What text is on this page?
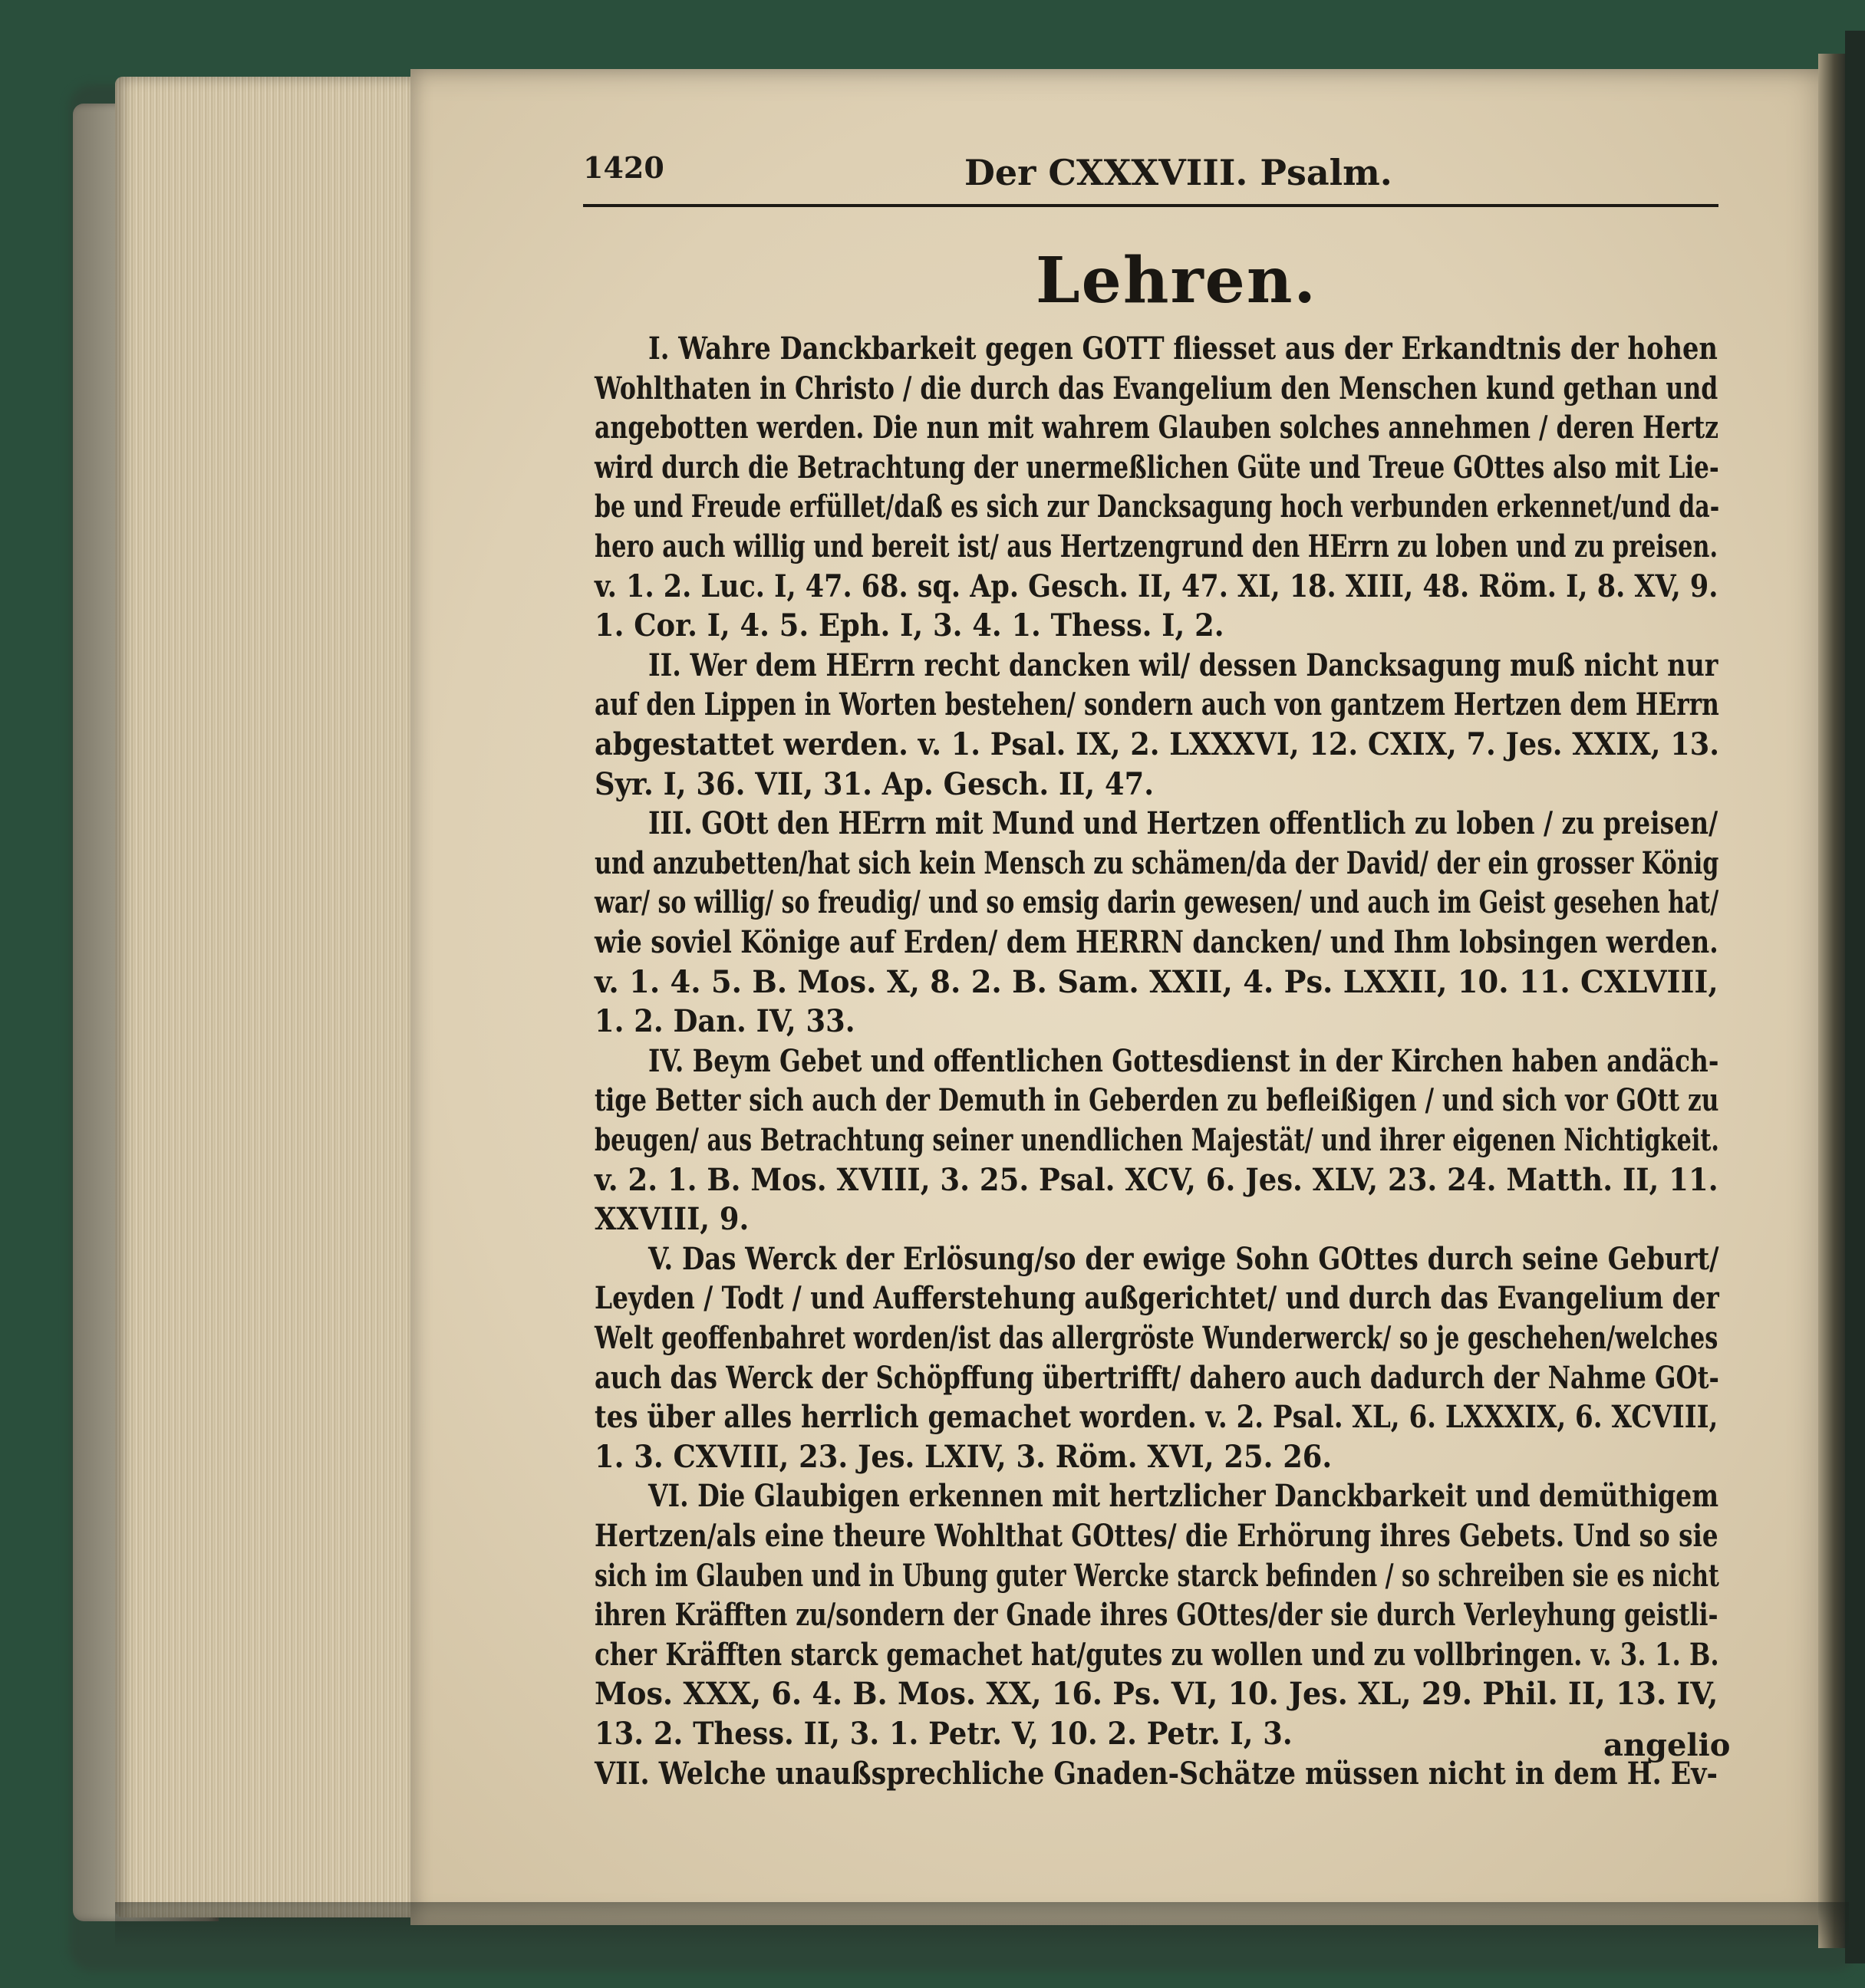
1420	Der CXXXVIII. Psalm.
Lehren.
I. Wahre Danckbarkeit gegen GOTT fliesset aus der Erkandtnis der hohen
Wohlthaten in Christo / die durch das Evangelium den Menschen kund gethan und
angebotten werden. Die nun mit wahrem Glauben solches annehmen / deren Hertz
wird durch die Betrachtung der unermeßlichen Güte und Treue GOttes also mit Lie-
be und Freude erfüllet/daß es sich zur Dancksagung hoch verbunden erkennet/und da-
hero auch willig und bereit ist/ aus Hertzengrund den HErrn zu loben und zu preisen.
v. 1. 2. Luc. I, 47. 68. sq. Ap. Gesch. II, 47. XI, 18. XIII, 48. Röm. I, 8. XV, 9.
1. Cor. I, 4. 5. Eph. I, 3. 4. 1. Thess. I, 2.
II. Wer dem HErrn recht dancken wil/ dessen Dancksagung muß nicht nur
auf den Lippen in Worten bestehen/ sondern auch von gantzem Hertzen dem HErrn
abgestattet werden. v. 1. Psal. IX, 2. LXXXVI, 12. CXIX, 7. Jes. XXIX, 13.
Syr. I, 36. VII, 31. Ap. Gesch. II, 47.
III. GOtt den HErrn mit Mund und Hertzen offentlich zu loben / zu preisen/
und anzubetten/hat sich kein Mensch zu schämen/da der David/ der ein grosser König
war/ so willig/ so freudig/ und so emsig darin gewesen/ und auch im Geist gesehen hat/
wie soviel Könige auf Erden/ dem HERRN dancken/ und Ihm lobsingen werden.
v. 1. 4. 5. B. Mos. X, 8. 2. B. Sam. XXII, 4. Ps. LXXII, 10. 11. CXLVIII,
1. 2. Dan. IV, 33.
IV. Beym Gebet und offentlichen Gottesdienst in der Kirchen haben andäch-
tige Better sich auch der Demuth in Geberden zu befleißigen / und sich vor GOtt zu
beugen/ aus Betrachtung seiner unendlichen Majestät/ und ihrer eigenen Nichtigkeit.
v. 2. 1. B. Mos. XVIII, 3. 25. Psal. XCV, 6. Jes. XLV, 23. 24. Matth. II, 11.
XXVIII, 9.
V. Das Werck der Erlösung/so der ewige Sohn GOttes durch seine Geburt/
Leyden / Todt / und Aufferstehung außgerichtet/ und durch das Evangelium der
Welt geoffenbahret worden/ist das allergröste Wunderwerck/ so je geschehen/welches
auch das Werck der Schöpffung übertrifft/ dahero auch dadurch der Nahme GOt-
tes über alles herrlich gemachet worden. v. 2. Psal. XL, 6. LXXXIX, 6. XCVIII,
1. 3. CXVIII, 23. Jes. LXIV, 3. Röm. XVI, 25. 26.
VI. Die Glaubigen erkennen mit hertzlicher Danckbarkeit und demüthigem
Hertzen/als eine theure Wohlthat GOttes/ die Erhörung ihres Gebets. Und so sie
sich im Glauben und in Ubung guter Wercke starck befinden / so schreiben sie es nicht
ihren Kräfften zu/sondern der Gnade ihres GOttes/der sie durch Verleyhung geistli-
cher Kräfften starck gemachet hat/gutes zu wollen und zu vollbringen. v. 3. 1. B.
Mos. XXX, 6. 4. B. Mos. XX, 16. Ps. VI, 10. Jes. XL, 29. Phil. II, 13. IV,
13. 2. Thess. II, 3. 1. Petr. V, 10. 2. Petr. I, 3.
VII. Welche unaußsprechliche Gnaden-Schätze müssen nicht in dem H. Ev-
angelio
